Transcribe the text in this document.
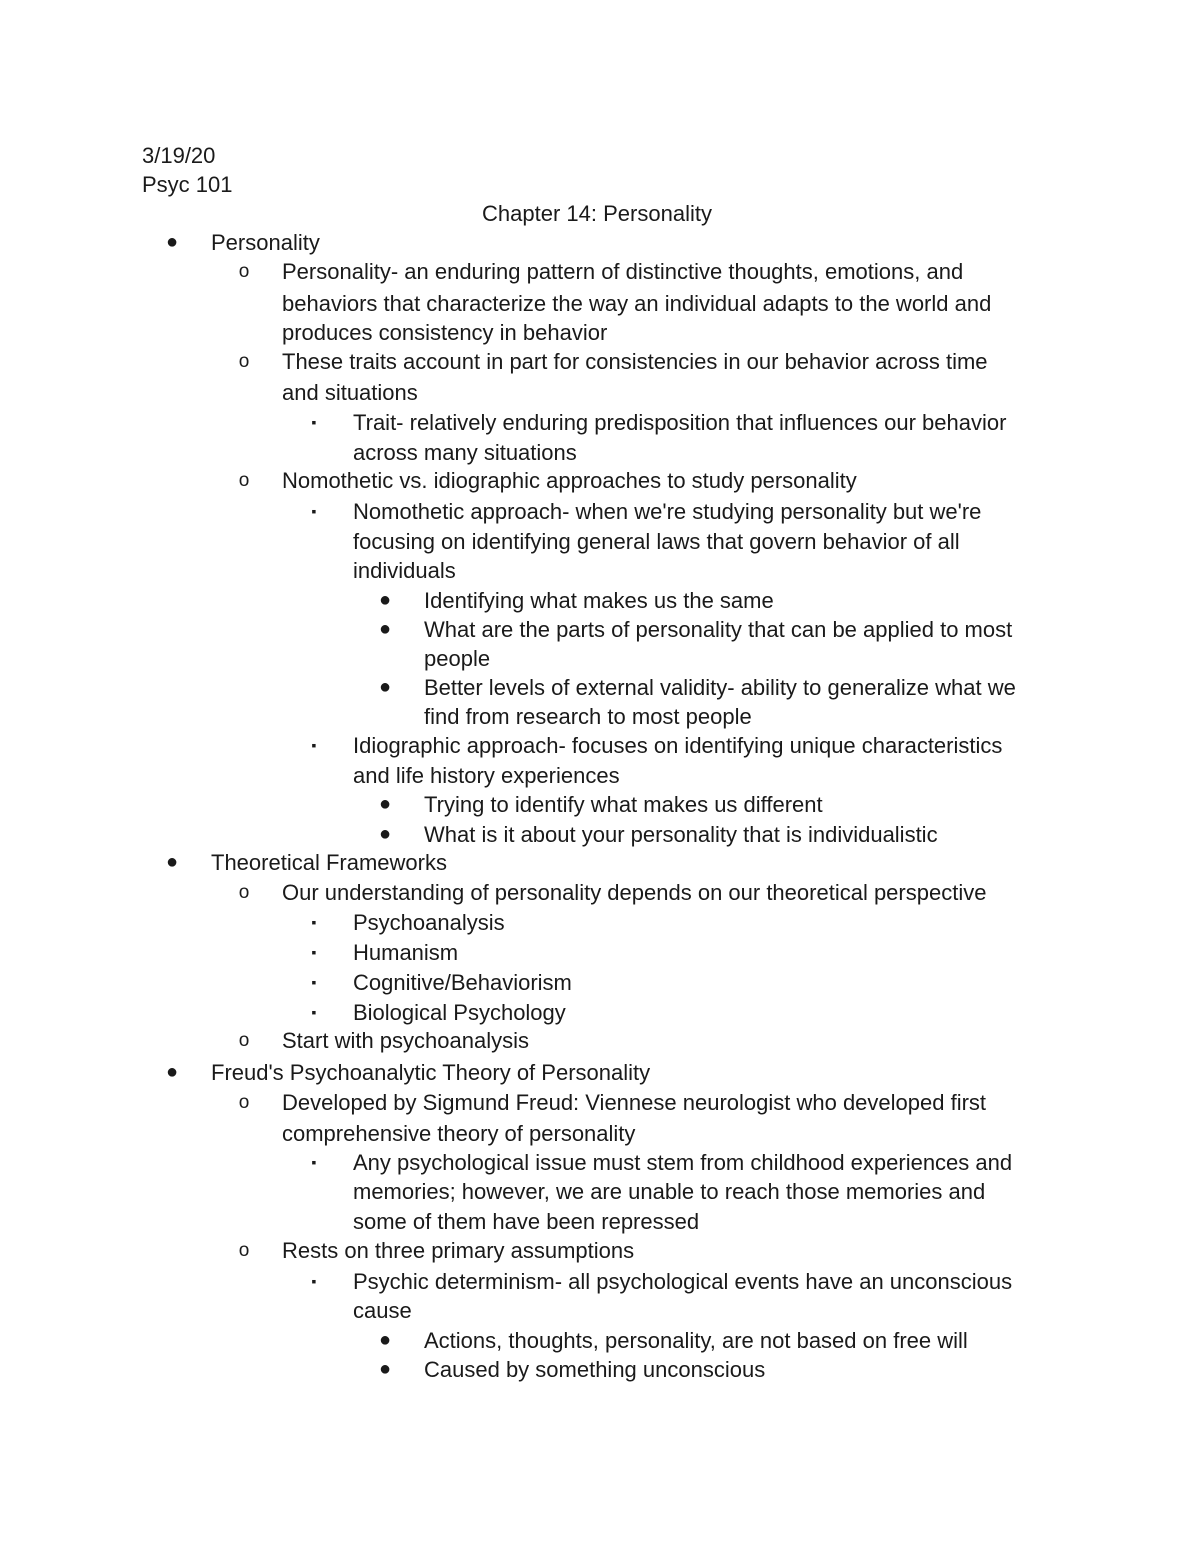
3/19/20
Psyc 101
Chapter 14: Personality
● Personality
o Personality- an enduring pattern of distinctive thoughts, emotions, and
behaviors that characterize the way an individual adapts to the world and
produces consistency in behavior
o These traits account in part for consistencies in our behavior across time
and situations
▪ Trait- relatively enduring predisposition that influences our behavior
across many situations
o Nomothetic vs. idiographic approaches to study personality
▪ Nomothetic approach- when we're studying personality but we're
focusing on identifying general laws that govern behavior of all
individuals
● Identifying what makes us the same
● What are the parts of personality that can be applied to most
people
● Better levels of external validity- ability to generalize what we
find from research to most people
▪ Idiographic approach- focuses on identifying unique characteristics
and life history experiences
● Trying to identify what makes us different
● What is it about your personality that is individualistic
● Theoretical Frameworks
o Our understanding of personality depends on our theoretical perspective
▪ Psychoanalysis
▪ Humanism
▪ Cognitive/Behaviorism
▪ Biological Psychology
o Start with psychoanalysis
● Freud's Psychoanalytic Theory of Personality
o Developed by Sigmund Freud: Viennese neurologist who developed first
comprehensive theory of personality
▪ Any psychological issue must stem from childhood experiences and
memories; however, we are unable to reach those memories and
some of them have been repressed
o Rests on three primary assumptions
▪ Psychic determinism- all psychological events have an unconscious
cause
● Actions, thoughts, personality, are not based on free will
● Caused by something unconscious
